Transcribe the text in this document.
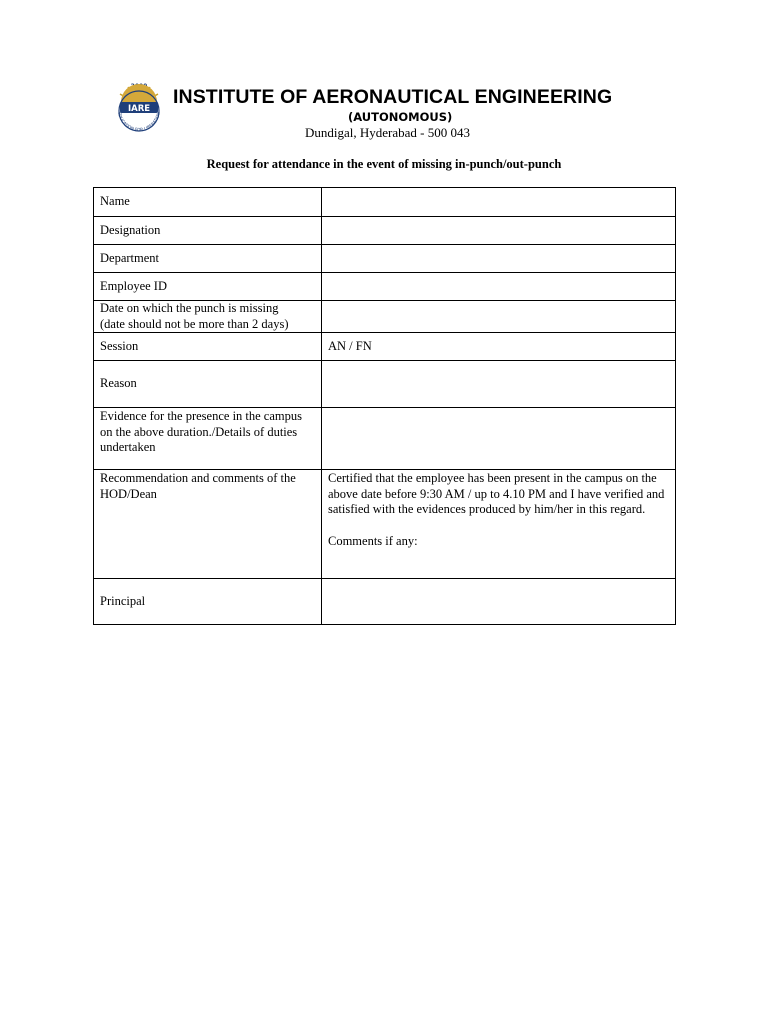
IARE
EDUCATION FOR LIBERATION
INSTITUTE OF AERONAUTICAL ENGINEERING
(AUTONOMOUS)
Dundigal, Hyderabad - 500 043
Request for attendance in the event of missing in-punch/out-punch
Name	
Designation	
Department	
Employee ID	

Date on which the punch is missing
(date should not be more than 2 days)	

Session	AN / FN
Reason	
Evidence for the presence in the campus on the above duration./Details of duties undertaken	
Recommendation and comments of the HOD/Dean	Certified that the employee has been present in the campus on the above date before 9:30 AM / up to 4.10 PM and I have verified and satisfied with the evidences produced by him/her in this regard.
Comments if any:

Principal	
